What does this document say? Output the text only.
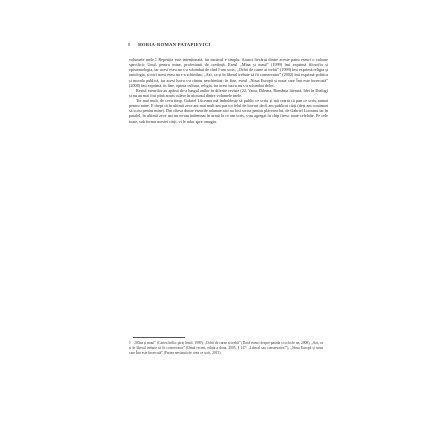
8 HORIA-ROMAN PATAPIEVICI

volumele mele.1 Repetiția este intenționată, iar motivul e simplu: Atunci fiecărui dintre aceste patru eseuri o valoare specifică: Unul, pentru mine, profesiunii de credință. Eseul „Mîna și maul” (1999) îmi exprimă filosofia și epistemologia, iar acest eseu nu s-a schimbat de cînd l-am scris; „Ochii de carne ai trebii” (1999) îmi exprimă religia și ontologia, și nici acest eseu nu s-a schimbat; „Azi, ca și în liberal trebuie să fii conservator” (2002) îmi exprimă politica și morala publică, iar acest lucru s-a rămas neschimbat; în fine, eseul „Noua Europă și noua care Îmi este încercată” (2008) îmi exprimă, în fine, opinia cultura, religia, iar acest lucru nu s-a schimbat deloc.

Restul eseurilor au apărut de-a lungul anilor în diferite reviste (22, Vatra, Dilema, România literară, Idei în Dialog) și nu au mai fost pînă acum culese în niciunul dintre volumele mele.

Tot mai mult, de ceva timp, Gabriel Liiceanu mă îmboldește să public ce scriu și mă ceartă că pun ce scriu numai pentru mine. E drept că în ultimii zece ani mai mult am pus tot felul de lucruri decît am publicat cărți (deși am continuat să scriu pentru mine). Dar cîteva dintre eseurile adunate aici au fost scrise pentru plăcerea lui, de Gabriel Liiceanu iar în paralel, în ultimii zece ani nu m-am îndemnat în urmă la ce am scris, s-au agregat în chip firesc toate celelalte. Pe cele toate, sub forma acestei cărți, vi le aduc spre omagiu.

1 „Mîna și maul” (Cartea întîia: piraț lentil, 1999), „Ochii de carne ai trebii” (Dacă eseuri despre parada și ochi de ne, 2008), „Azi, ca și în liberal trebuie să fii conservator” (Omul recent, ediția a doua, 2005, § 147: „Liberal sau conservator?”), „Noua Europă și noua care Îmi este încercată” (Partea nevăzută de ceea ce scrii, 2015).
